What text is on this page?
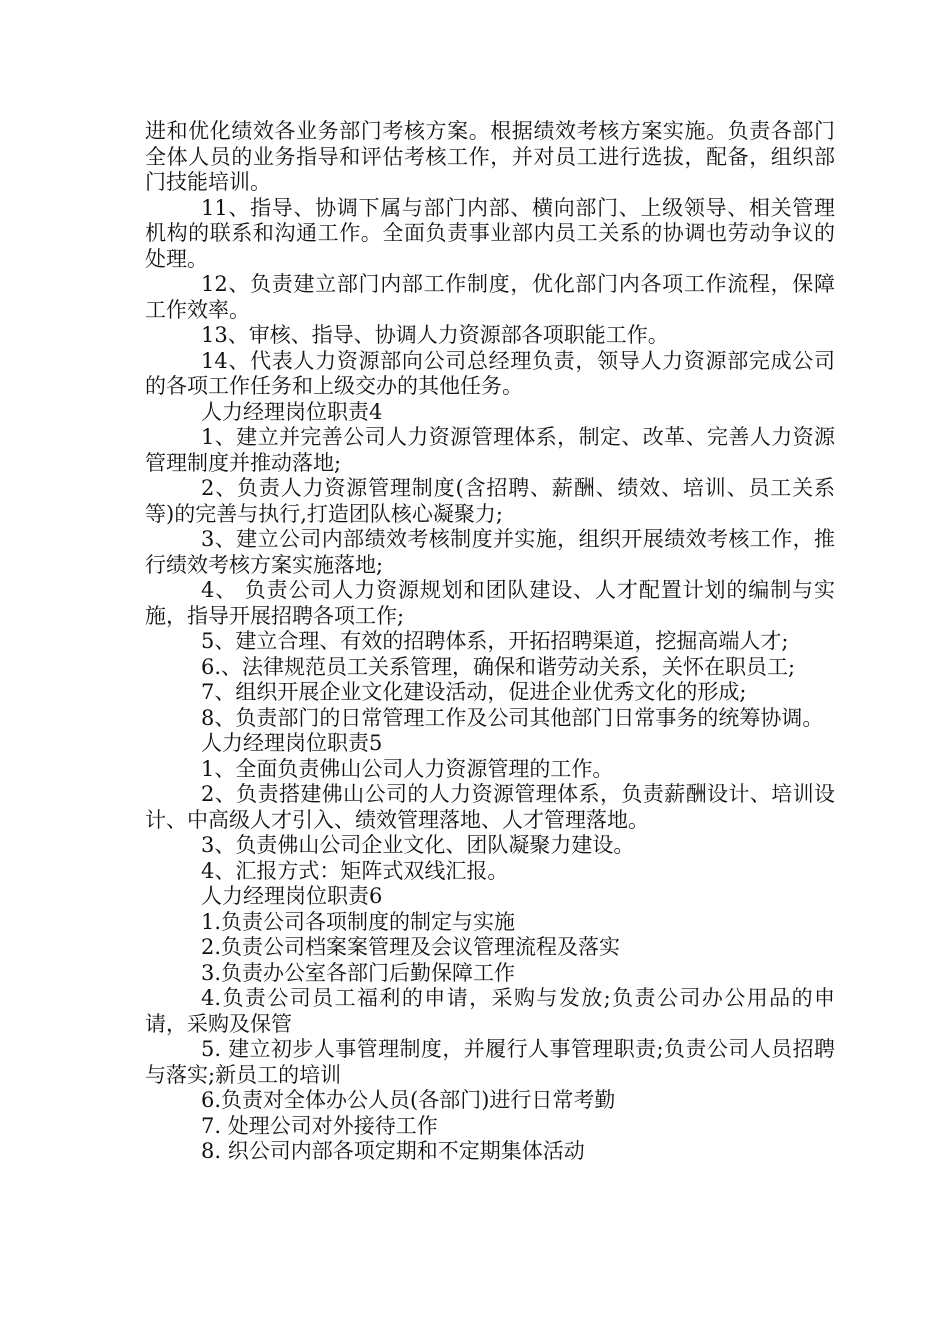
进和优化绩效各业务部门考核方案。根据绩效考核方案实施。负责各部门全体人员的业务指导和评估考核工作，并对员工进行选拔，配备，组织部门技能培训。

11、指导、协调下属与部门内部、横向部门、上级领导、相关管理机构的联系和沟通工作。全面负责事业部内员工关系的协调也劳动争议的处理。

12、负责建立部门内部工作制度，优化部门内各项工作流程，保障工作效率。

13、审核、指导、协调人力资源部各项职能工作。

14、代表人力资源部向公司总经理负责，领导人力资源部完成公司的各项工作任务和上级交办的其他任务。

人力经理岗位职责4

1、建立并完善公司人力资源管理体系，制定、改革、完善人力资源管理制度并推动落地;

2、负责人力资源管理制度(含招聘、薪酬、绩效、培训、员工关系等)的完善与执行,打造团队核心凝聚力;

3、建立公司内部绩效考核制度并实施，组织开展绩效考核工作，推行绩效考核方案实施落地;

4、 负责公司人力资源规划和团队建设、人才配置计划的编制与实施，指导开展招聘各项工作;

5、建立合理、有效的招聘体系，开拓招聘渠道，挖掘高端人才;

6.、法律规范员工关系管理，确保和谐劳动关系，关怀在职员工;

7、组织开展企业文化建设活动，促进企业优秀文化的形成;

8、负责部门的日常管理工作及公司其他部门日常事务的统筹协调。

人力经理岗位职责5

1、全面负责佛山公司人力资源管理的工作。

2、负责搭建佛山公司的人力资源管理体系，负责薪酬设计、培训设计、中高级人才引入、绩效管理落地、人才管理落地。

3、负责佛山公司企业文化、团队凝聚力建设。

4、汇报方式：矩阵式双线汇报。

人力经理岗位职责6

1.负责公司各项制度的制定与实施

2.负责公司档案案管理及会议管理流程及落实

3.负责办公室各部门后勤保障工作

4.负责公司员工福利的申请，采购与发放;负责公司办公用品的申请，采购及保管

5. 建立初步人事管理制度，并履行人事管理职责;负责公司人员招聘与落实;新员工的培训

6.负责对全体办公人员(各部门)进行日常考勤

7. 处理公司对外接待工作

8. 织公司内部各项定期和不定期集体活动
